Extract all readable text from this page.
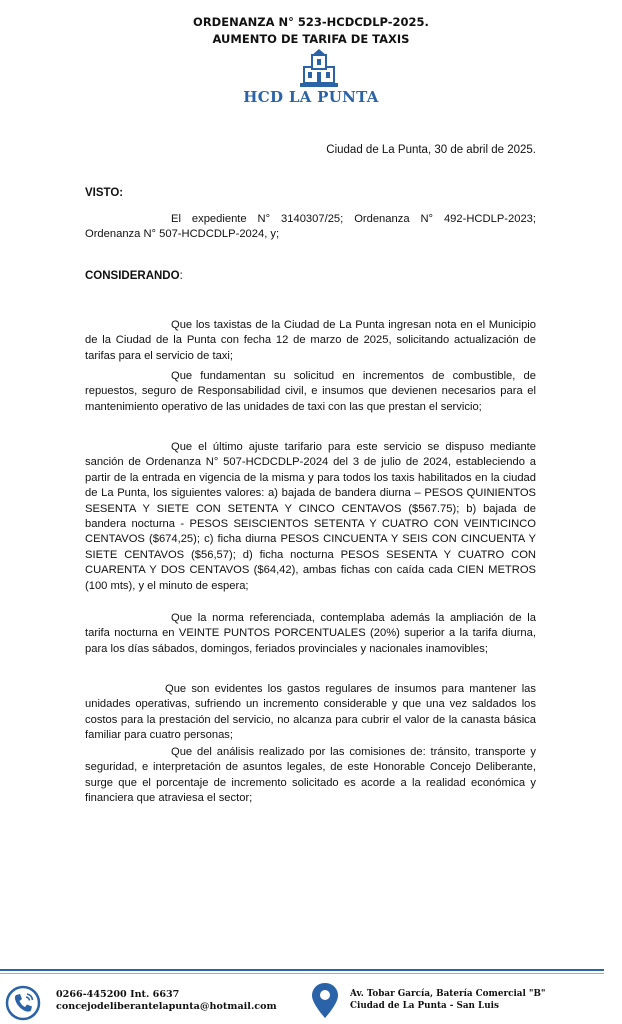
ORDENANZA N° 523-HCDCDLP-2025.
AUMENTO DE TARIFA DE TAXIS
HCD LA PUNTA
Ciudad de La Punta, 30 de abril de 2025.
VISTO:

El expediente N° 3140307/25; Ordenanza N° 492-HCDLP-2023; Ordenanza N° 507-HCDCDLP-2024, y;

CONSIDERANDO:

Que los taxistas de la Ciudad de La Punta ingresan nota en el Municipio de la Ciudad de la Punta con fecha 12 de marzo de 2025, solicitando actualización de tarifas para el servicio de taxi;

Que fundamentan su solicitud en incrementos de combustible, de repuestos, seguro de Responsabilidad civil, e insumos que devienen necesarios para el mantenimiento operativo de las unidades de taxi con las que prestan el servicio;

Que el último ajuste tarifario para este servicio se dispuso mediante sanción de Ordenanza N° 507-HCDCDLP-2024 del 3 de julio de 2024, estableciendo a partir de la entrada en vigencia de la misma y para todos los taxis habilitados en la ciudad de La Punta, los siguientes valores: a) bajada de bandera diurna – PESOS QUINIENTOS SESENTA Y SIETE CON SETENTA Y CINCO CENTAVOS ($567.75); b) bajada de bandera nocturna - PESOS SEISCIENTOS SETENTA Y CUATRO CON VEINTICINCO CENTAVOS ($674,25); c) ficha diurna PESOS CINCUENTA Y SEIS CON CINCUENTA Y SIETE CENTAVOS ($56,57); d) ficha nocturna PESOS SESENTA Y CUATRO CON CUARENTA Y DOS CENTAVOS ($64,42), ambas fichas con caída cada CIEN METROS (100 mts), y el minuto de espera;

Que la norma referenciada, contemplaba además la ampliación de la tarifa nocturna en VEINTE PUNTOS PORCENTUALES (20%) superior a la tarifa diurna, para los días sábados, domingos, feriados provinciales y nacionales inamovibles;

Que son evidentes los gastos regulares de insumos para mantener las unidades operativas, sufriendo un incremento considerable y que una vez saldados los costos para la prestación del servicio, no alcanza para cubrir el valor de la canasta básica familiar para cuatro personas;

Que del análisis realizado por las comisiones de: tránsito, transporte y seguridad, e interpretación de asuntos legales, de este Honorable Concejo Deliberante, surge que el porcentaje de incremento solicitado es acorde a la realidad económica y financiera que atraviesa el sector;

0266-445200 Int. 6637
concejodeliberantelapunta@hotmail.com
Av. Tobar García, Batería Comercial "B"
Ciudad de La Punta - San Luis
